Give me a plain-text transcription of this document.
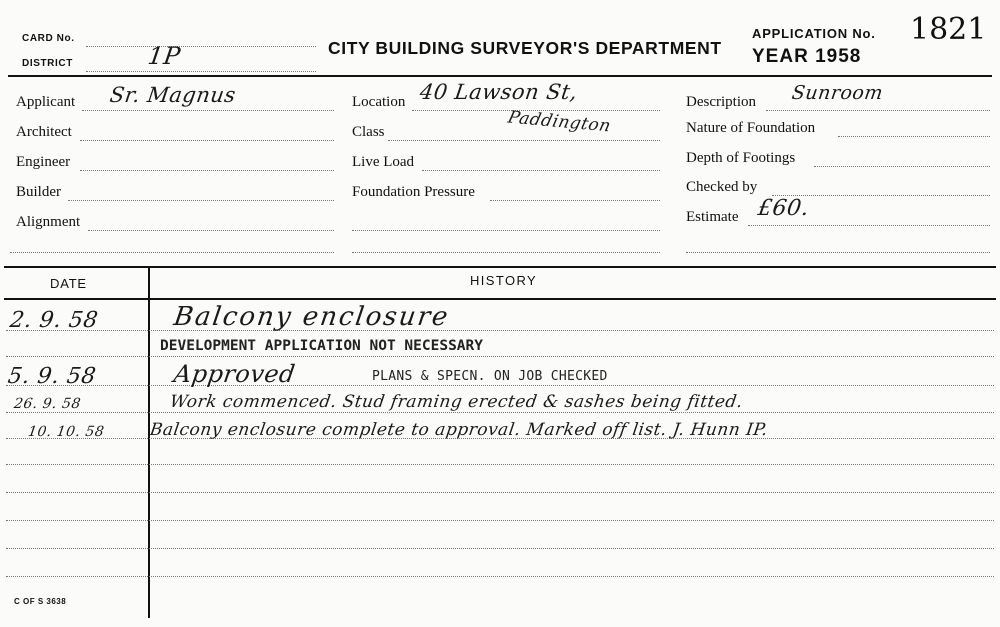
CARD No.
DISTRICT	1P	CITY BUILDING SURVEYOR'S DEPARTMENT
APPLICATION No. 1821
YEAR 1958
Applicant Sr. Magnus
Architect
Engineer
Builder
Alignment
Location 40 Lawson St,
Class	Paddington
Live Load
Foundation Pressure
Description Sunroom
Nature of Foundation
Depth of Footings
Checked by
Estimate £60.
DATE	HISTORY
2. 9. 58	Balcony enclosure
DEVELOPMENT APPLICATION NOT NECESSARY
5. 9. 58	Approved	PLANS & SPECN. ON JOB CHECKED
26. 9. 58	Work commenced. Stud framing erected & sashes being fitted.
10. 10. 58	Balcony enclosure complete to approval. Marked off list. J. Hunn IP.
C OF S 3638
